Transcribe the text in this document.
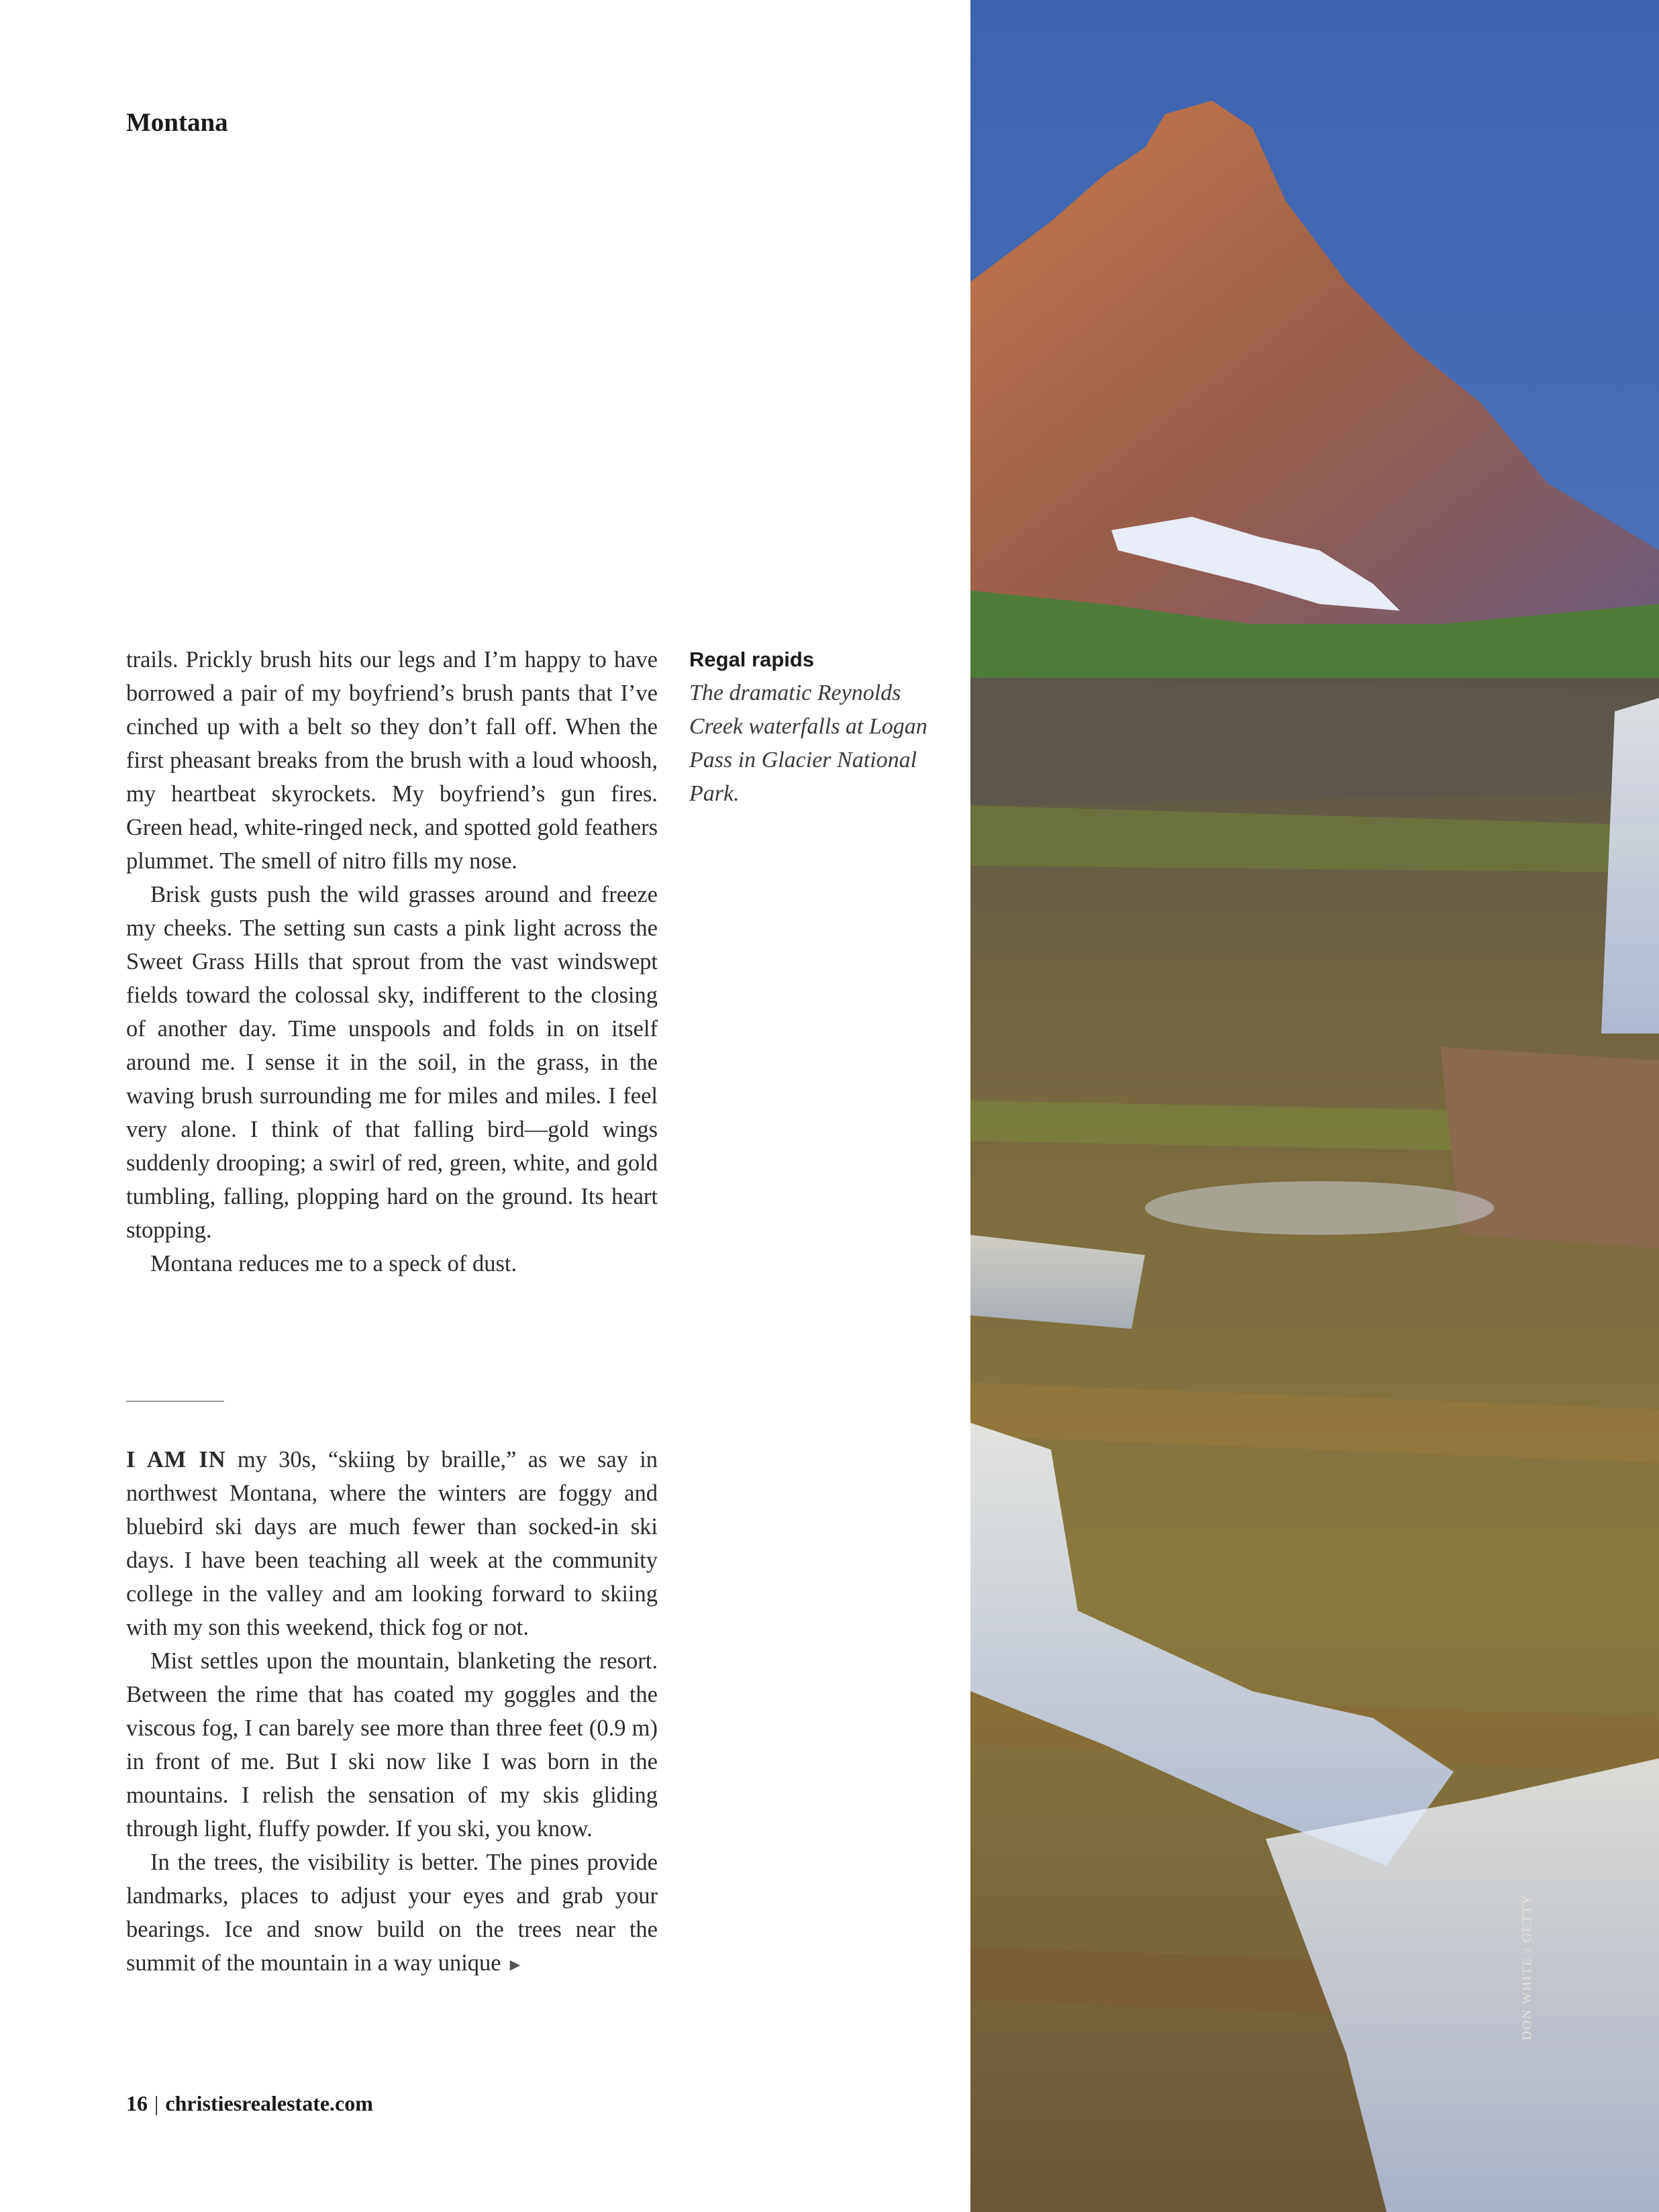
Montana

trails. Prickly brush hits our legs and I’m happy to have borrowed a pair of my boyfriend’s brush pants that I’ve cinched up with a belt so they don’t fall off. When the first pheasant breaks from the brush with a loud whoosh, my heartbeat skyrockets. My boyfriend’s gun fires. Green head, white-ringed neck, and spotted gold feathers plummet. The smell of nitro fills my nose.

Brisk gusts push the wild grasses around and freeze my cheeks. The setting sun casts a pink light across the Sweet Grass Hills that sprout from the vast windswept fields toward the colossal sky, indifferent to the closing of another day. Time unspools and folds in on itself around me. I sense it in the soil, in the grass, in the waving brush surrounding me for miles and miles. I feel very alone. I think of that falling bird—gold wings suddenly drooping; a swirl of red, green, white, and gold tumbling, falling, plopping hard on the ground. Its heart stopping.

Montana reduces me to a speck of dust.

I AM IN my 30s, “skiing by braille,” as we say in northwest Montana, where the winters are foggy and bluebird ski days are much fewer than socked-in ski days. I have been teaching all week at the community college in the valley and am looking forward to skiing with my son this weekend, thick fog or not.

Mist settles upon the mountain, blanketing the resort. Between the rime that has coated my goggles and the viscous fog, I can barely see more than three feet (0.9 m) in front of me. But I ski now like I was born in the mountains. I relish the sensation of my skis gliding through light, fluffy powder. If you ski, you know.

In the trees, the visibility is better. The pines provide landmarks, places to adjust your eyes and grab your bearings. Ice and snow build on the trees near the summit of the mountain in a way unique ►

Regal rapids

The dramatic Reynolds Creek waterfalls at Logan Pass in Glacier National Park.

16 | christiesrealestate.com

DON WHITE / GETTY
